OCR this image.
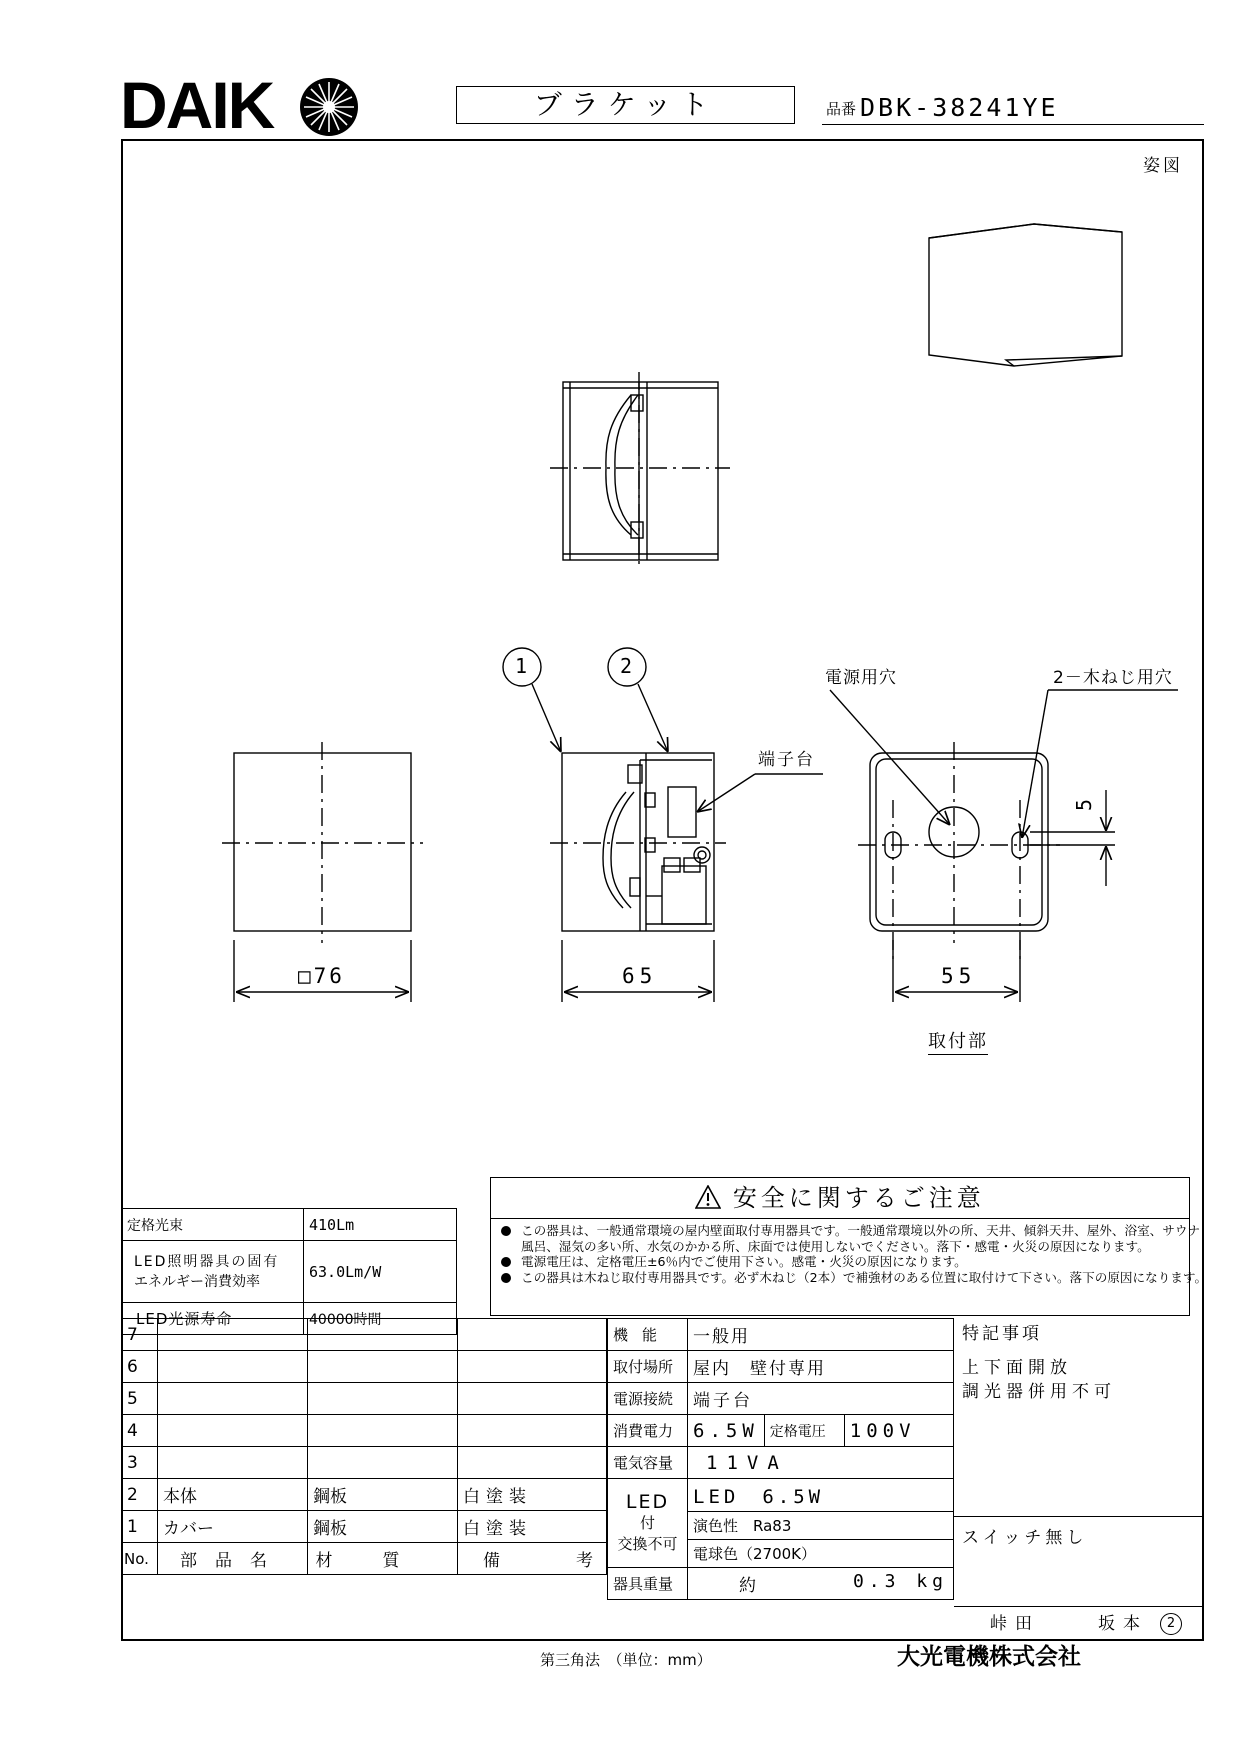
DAIK	ブラケット	品番 DBK-38241YE
姿図
1	2
端子台
電源用穴	2－木ねじ用穴
5
□76	65	55
取付部
安全に関するご注意
この器具は、一般通常環境の屋内壁面取付専用器具です。一般通常環境以外の所、天井、傾斜天井、屋外、浴室、サウナ
風呂、湿気の多い所、水気のかかる所、床面では使用しないでください。落下・感電・火災の原因になります。
電源電圧は、定格電圧±6％内でご使用下さい。感電・火災の原因になります。
この器具は木ねじ取付専用器具です。必ず木ねじ（2本）で補強材のある位置に取付けて下さい。落下の原因になります。
定格光束	410Lm

LED照明器具の固有
エネルギー消費効率	63.0Lm/W
LED光源寿命	40000時間
7			
6			
5			
4			
3			
2	本体	鋼板	白塗装
1	カバー	鋼板	白塗装
No.	部品名	材質	備 考
機能	一般用		
取付場所	屋内　壁付専用		
電源接続	端子台		
消費電力	6.5W	定格電圧	100V
電気容量	11VA		

LED
付
交換不可	LED　6.5W		
	演色性　Ra83		
	電球色（2700K）		
器具重量	約 0.3 kg		
特記事項
上下面開放
調光器併用不可
スイッチ無し
峠田	坂本	2
第三角法　（単位：mm）	大光電機株式会社
